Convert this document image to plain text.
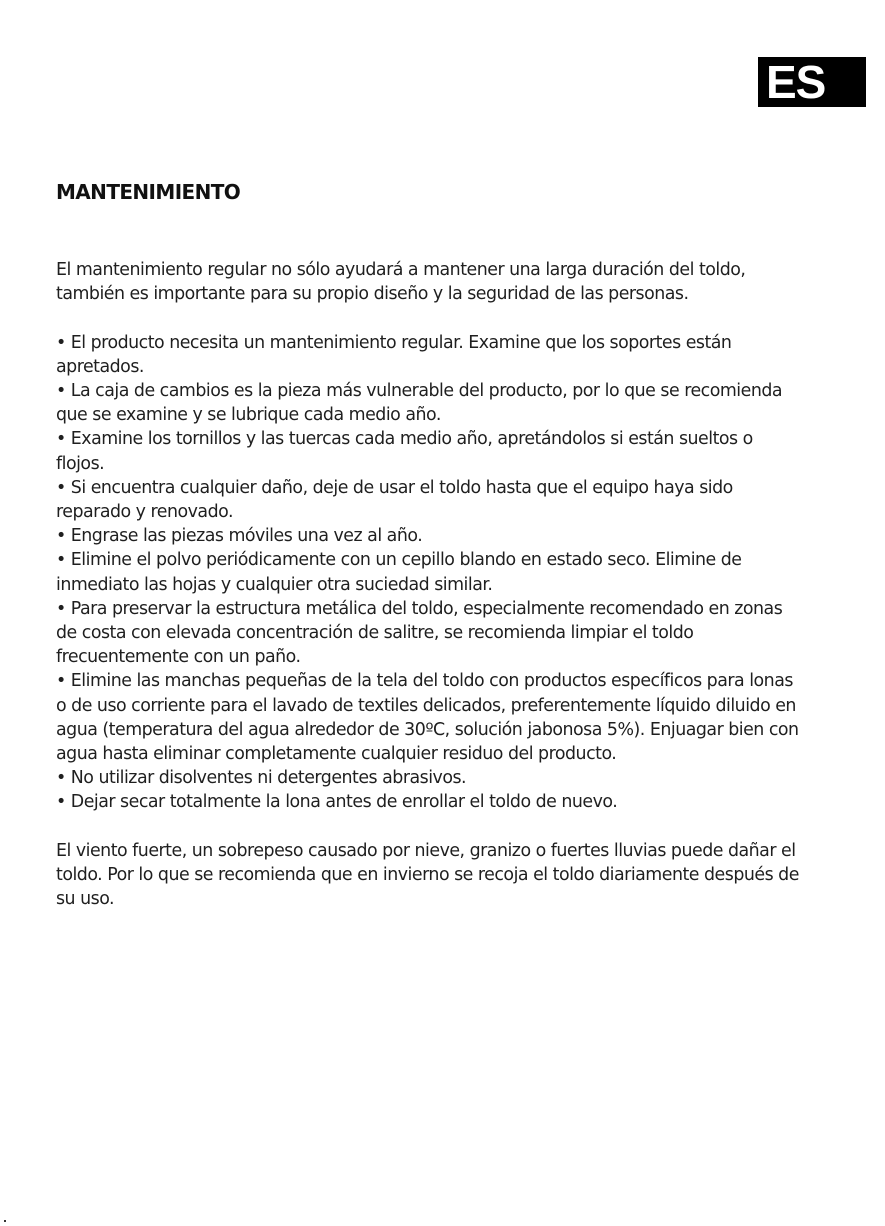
ES
MANTENIMIENTO

El mantenimiento regular no sólo ayudará a mantener una larga duración del toldo, también es importante para su propio diseño y la seguridad de las personas.

• El producto necesita un mantenimiento regular. Examine que los soportes están apretados.
• La caja de cambios es la pieza más vulnerable del producto, por lo que se recomienda que se examine y se lubrique cada medio año.
• Examine los tornillos y las tuercas cada medio año, apretándolos si están sueltos o flojos.
• Si encuentra cualquier daño, deje de usar el toldo hasta que el equipo haya sido reparado y renovado.
• Engrase las piezas móviles una vez al año.
• Elimine el polvo periódicamente con un cepillo blando en estado seco. Elimine de inmediato las hojas y cualquier otra suciedad similar.
• Para preservar la estructura metálica del toldo, especialmente recomendado en zonas de costa con elevada concentración de salitre, se recomienda limpiar el toldo frecuentemente con un paño.
• Elimine las manchas pequeñas de la tela del toldo con productos específicos para lonas o de uso corriente para el lavado de textiles delicados, preferentemente líquido diluido en agua (temperatura del agua alrededor de 30ºC, solución jabonosa 5%). Enjuagar bien con agua hasta eliminar completamente cualquier residuo del producto.
• No utilizar disolventes ni detergentes abrasivos.
• Dejar secar totalmente la lona antes de enrollar el toldo de nuevo.

El viento fuerte, un sobrepeso causado por nieve, granizo o fuertes lluvias puede dañar el toldo. Por lo que se recomienda que en invierno se recoja el toldo diariamente después de su uso.
